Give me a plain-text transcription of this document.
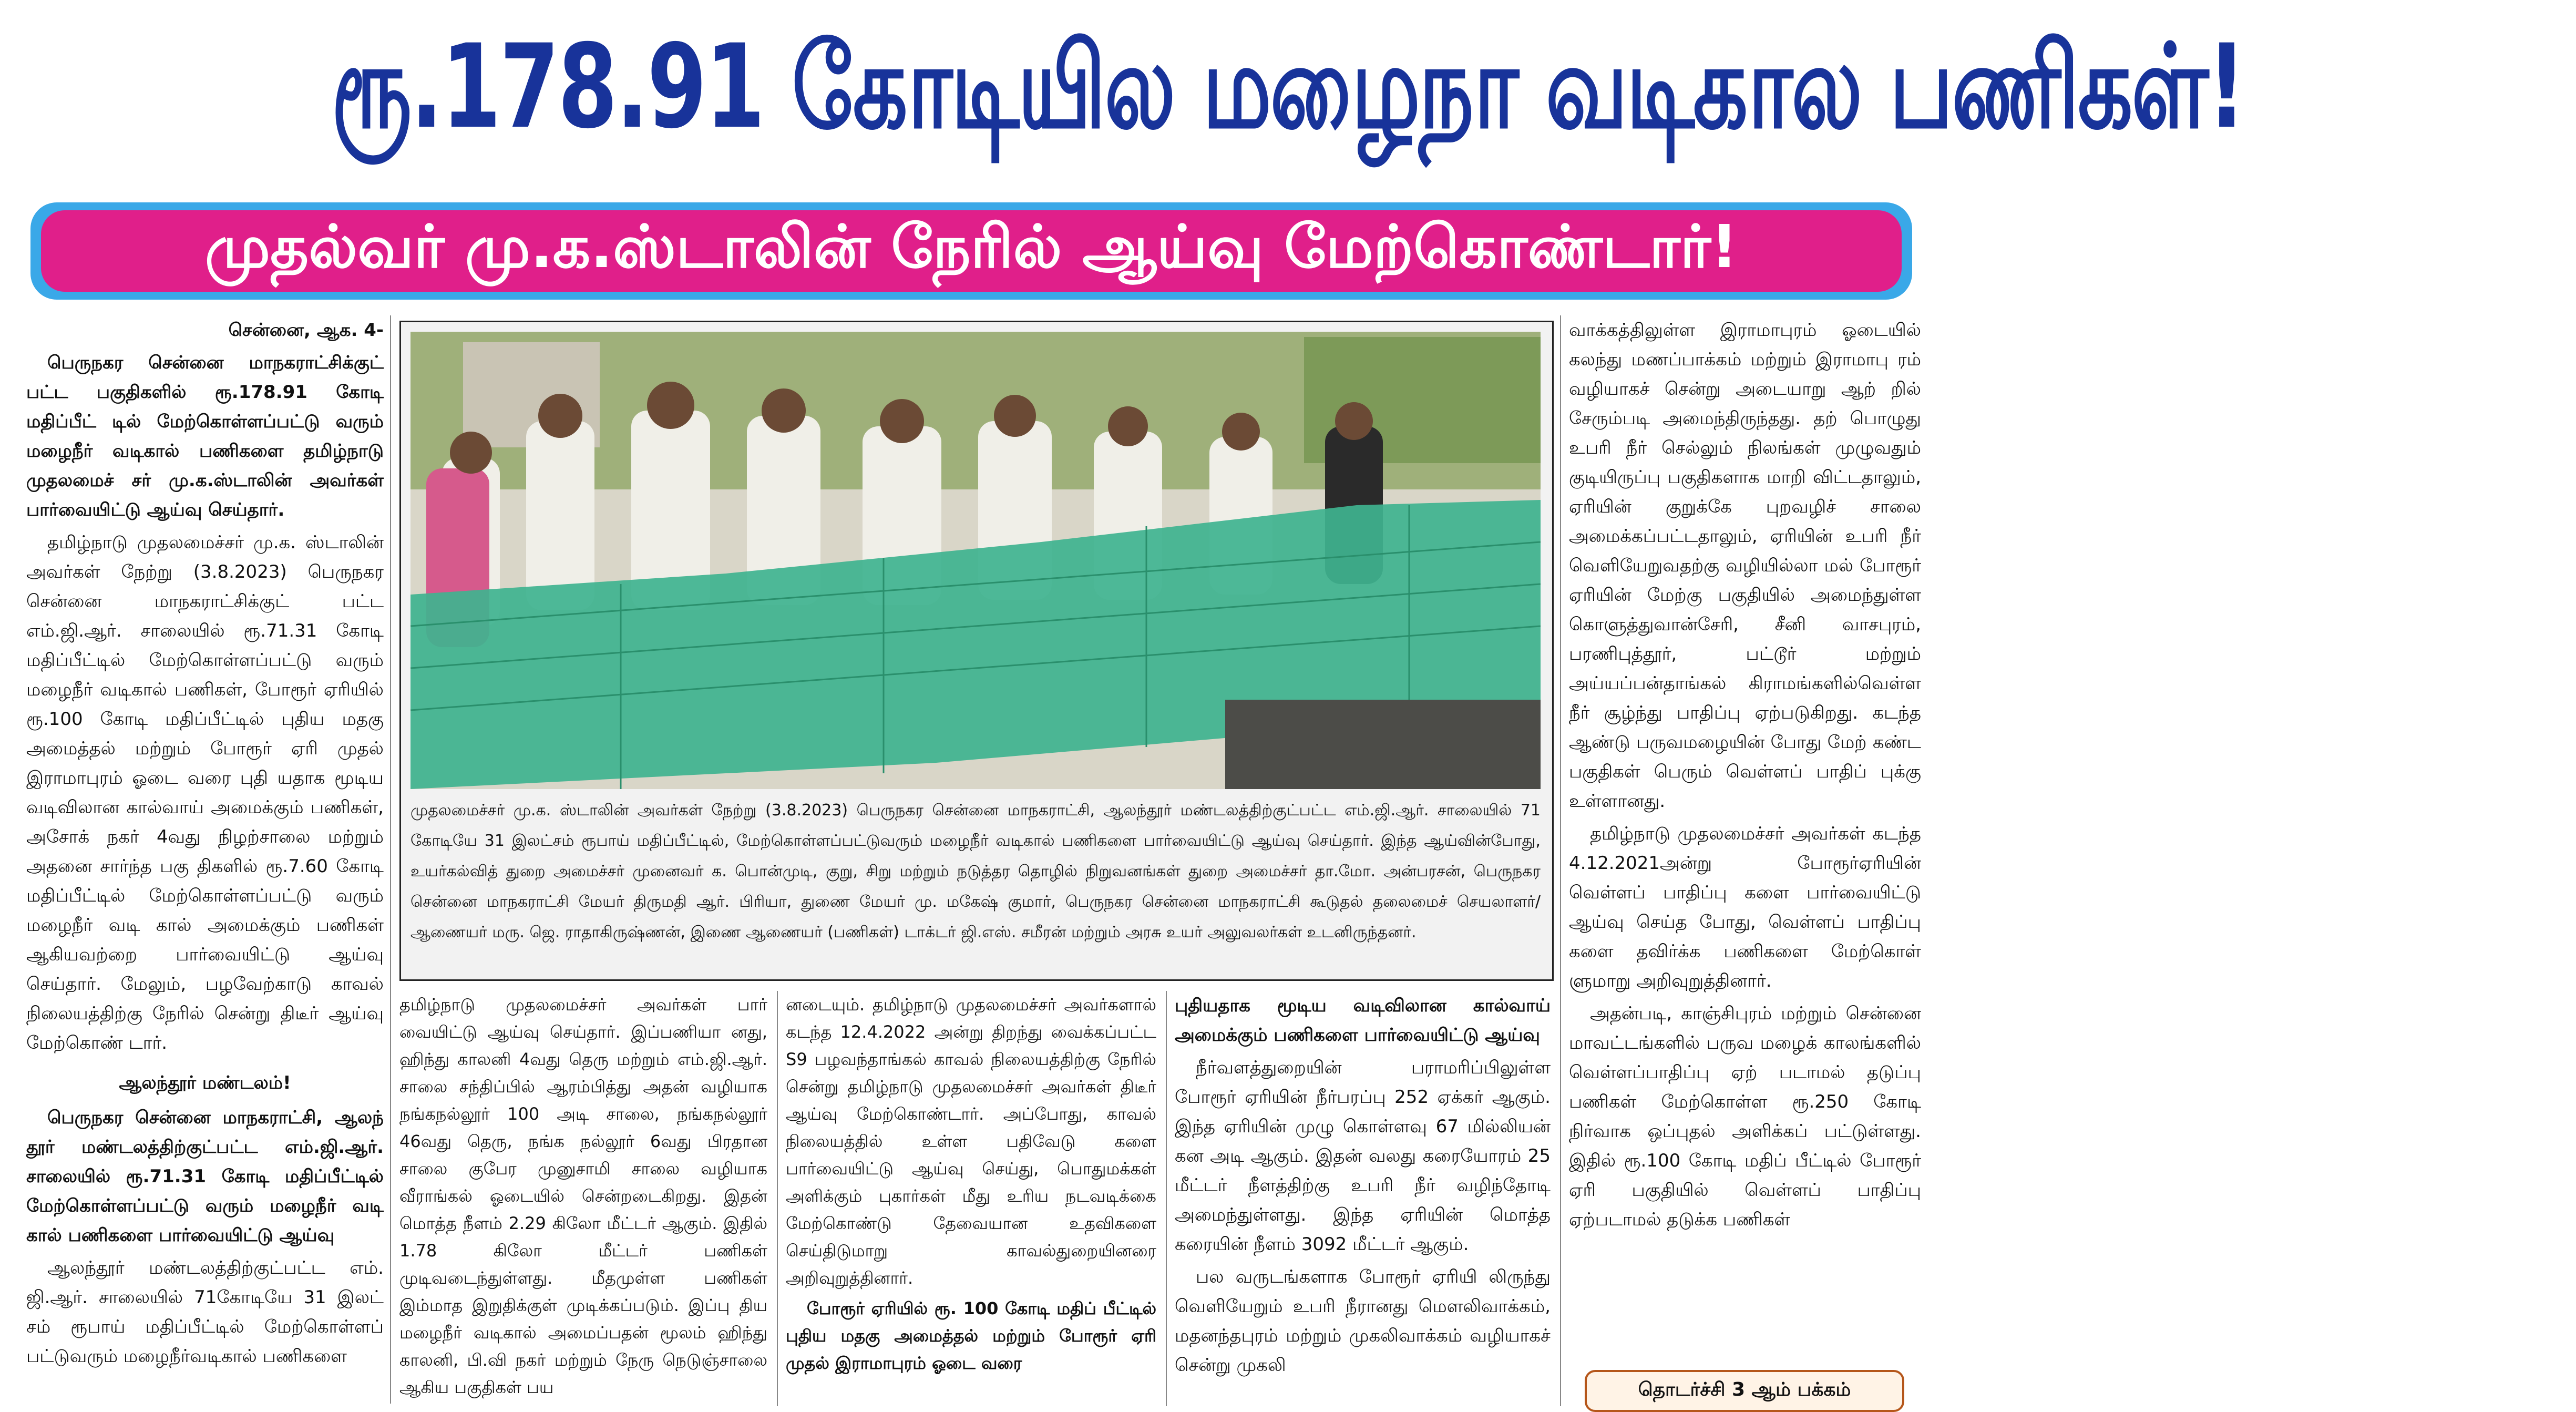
ரூ.178.91 கோடியில மழைநா வடிகால பணிகள்!
முதல்வர் மு.க.ஸ்டாலின் நேரில் ஆய்வு மேற்கொண்டார்!

சென்னை, ஆக. 4-

பெருநகர சென்னை மாநகராட்சிக்குட் பட்ட பகுதிகளில் ரூ.178.91 கோடி மதிப்பீட் டில் மேற்கொள்ளப்பட்டு வரும் மழைநீர் வடிகால் பணிகளை தமிழ்நாடு முதலமைச் சர் மு.க.ஸ்டாலின் அவர்கள் பார்வையிட்டு ஆய்வு செய்தார்.

தமிழ்நாடு முதலமைச்சர் மு.க. ஸ்டாலின் அவர்கள் நேற்று (3.8.2023) பெருநகர சென்னை மாநகராட்சிக்குட் பட்ட எம்.ஜி.ஆர். சாலையில் ரூ.71.31 கோடி மதிப்பீட்டில் மேற்கொள்ளப்பட்டு வரும் மழைநீர் வடிகால் பணிகள், போரூர் ஏரியில் ரூ.100 கோடி மதிப்பீட்டில் புதிய மதகு அமைத்தல் மற்றும் போரூர் ஏரி முதல் இராமாபுரம் ஓடை வரை புதி யதாக மூடிய வடிவிலான கால்வாய் அமைக்கும் பணிகள், அசோக் நகர் 4வது நிழற்சாலை மற்றும் அதனை சார்ந்த பகு திகளில் ரூ.7.60 கோடி மதிப்பீட்டில் மேற்கொள்ளப்பட்டு வரும் மழைநீர் வடி கால் அமைக்கும் பணிகள் ஆகியவற்றை பார்வையிட்டு ஆய்வு செய்தார். மேலும், பழவேற்காடு காவல் நிலையத்திற்கு நேரில் சென்று திடீர் ஆய்வு மேற்கொண் டார்.

ஆலந்தூர் மண்டலம்!

பெருநகர சென்னை மாநகராட்சி, ஆலந் தூர் மண்டலத்திற்குட்பட்ட எம்.ஜி.ஆர். சாலையில் ரூ.71.31 கோடி மதிப்பீட்டில் மேற்கொள்ளப்பட்டு வரும் மழைநீர் வடி கால் பணிகளை பார்வையிட்டு ஆய்வு

ஆலந்தூர் மண்டலத்திற்குட்பட்ட எம். ஜி.ஆர். சாலையில் 71கோடியே 31 இலட் சம் ரூபாய் மதிப்பீட்டில் மேற்கொள்ளப் பட்டுவரும் மழைநீர்வடிகால் பணிகளை

முதலமைச்சர் மு.க. ஸ்டாலின் அவர்கள் நேற்று (3.8.2023) பெருநகர சென்னை மாநகராட்சி, ஆலந்தூர் மண்டலத்திற்குட்பட்ட எம்.ஜி.ஆர். சாலையில் 71 கோடியே 31 இலட்சம் ரூபாய் மதிப்பீட்டில், மேற்கொள்ளப்பட்டுவரும் மழைநீர் வடிகால் பணிகளை பார்வையிட்டு ஆய்வு செய்தார். இந்த ஆய்வின்போது, உயர்கல்வித் துறை அமைச்சர் முனைவர் க. பொன்முடி, குறு, சிறு மற்றும் நடுத்தர தொழில் நிறுவனங்கள் துறை அமைச்சர் தா.மோ. அன்பரசன், பெருநகர சென்னை மாநகராட்சி மேயர் திருமதி ஆர். பிரியா, துணை மேயர் மு. மகேஷ் குமார், பெருநகர சென்னை மாநகராட்சி கூடுதல் தலைமைச் செயலாளர்/ ஆணையர் மரு. ஜெ. ராதாகிருஷ்ணன், இணை ஆணையர் (பணிகள்) டாக்டர் ஜி.எஸ். சமீரன் மற்றும் அரசு உயர் அலுவலர்கள் உடனிருந்தனர்.

தமிழ்நாடு முதலமைச்சர் அவர்கள் பார் வையிட்டு ஆய்வு செய்தார். இப்பணியா னது, ஹிந்து காலனி 4வது தெரு மற்றும் எம்.ஜி.ஆர். சாலை சந்திப்பில் ஆரம்பித்து அதன் வழியாக நங்கநல்லூர் 100 அடி சாலை, நங்கநல்லூர் 46வது தெரு, நங்க நல்லூர் 6வது பிரதான சாலை குபேர முனுசாமி சாலை வழியாக வீராங்கல் ஓடையில் சென்றடைகிறது. இதன் மொத்த நீளம் 2.29 கிலோ மீட்டர் ஆகும். இதில் 1.78 கிலோ மீட்டர் பணிகள் முடிவடைந்துள்ளது. மீதமுள்ள பணிகள் இம்மாத இறுதிக்குள் முடிக்கப்படும். இப்பு திய மழைநீர் வடிகால் அமைப்பதன் மூலம் ஹிந்து காலனி, பி.வி நகர் மற்றும் நேரு நெடுஞ்சாலை ஆகிய பகுதிகள் பய

னடையும். தமிழ்நாடு முதலமைச்சர் அவர்களால் கடந்த 12.4.2022 அன்று திறந்து வைக்கப்பட்ட S9 பழவந்தாங்கல் காவல் நிலையத்திற்கு நேரில் சென்று தமிழ்நாடு முதலமைச்சர் அவர்கள் திடீர் ஆய்வு மேற்கொண்டார். அப்போது, காவல் நிலையத்தில் உள்ள பதிவேடு களை பார்வையிட்டு ஆய்வு செய்து, பொதுமக்கள் அளிக்கும் புகார்கள் மீது உரிய நடவடிக்கை மேற்கொண்டு தேவையான உதவிகளை செய்திடுமாறு காவல்துறையினரை அறிவுறுத்தினார்.

போரூர் ஏரியில் ரூ. 100 கோடி மதிப் பீட்டில் புதிய மதகு அமைத்தல் மற்றும் போரூர் ஏரி முதல் இராமாபுரம் ஓடை வரை

புதியதாக மூடிய வடிவிலான கால்வாய் அமைக்கும் பணிகளை பார்வையிட்டு ஆய்வு

நீர்வளத்துறையின் பராமரிப்பிலுள்ள போரூர் ஏரியின் நீர்பரப்பு 252 ஏக்கர் ஆகும். இந்த ஏரியின் முழு கொள்ளவு 67 மில்லியன் கன அடி ஆகும். இதன் வலது கரையோரம் 25 மீட்டர் நீளத்திற்கு உபரி நீர் வழிந்தோடி அமைந்துள்ளது. இந்த ஏரியின் மொத்த கரையின் நீளம் 3092 மீட்டர் ஆகும்.

பல வருடங்களாக போரூர் ஏரியி லிருந்து வெளியேறும் உபரி நீரானது மௌலிவாக்கம், மதனந்தபுரம் மற்றும் முகலிவாக்கம் வழியாகச் சென்று முகலி

வாக்கத்திலுள்ள இராமாபுரம் ஓடையில் கலந்து மணப்பாக்கம் மற்றும் இராமாபு ரம் வழியாகச் சென்று அடையாறு ஆற் றில் சேரும்படி அமைந்திருந்தது. தற் பொழுது உபரி நீர் செல்லும் நிலங்கள் முழுவதும் குடியிருப்பு பகுதிகளாக மாறி விட்டதாலும், ஏரியின் குறுக்கே புறவழிச் சாலை அமைக்கப்பட்டதாலும், ஏரியின் உபரி நீர் வெளியேறுவதற்கு வழியில்லா மல் போரூர் ஏரியின் மேற்கு பகுதியில் அமைந்துள்ள கொளுத்துவான்சேரி, சீனி வாசபுரம், பரணிபுத்தூர், பட்டூர் மற்றும் அய்யப்பன்தாங்கல் கிராமங்களில்வெள்ள நீர் சூழ்ந்து பாதிப்பு ஏற்படுகிறது. கடந்த ஆண்டு பருவமழையின் போது மேற் கண்ட பகுதிகள் பெரும் வெள்ளப் பாதிப் புக்கு உள்ளானது.

தமிழ்நாடு முதலமைச்சர் அவர்கள் கடந்த 4.12.2021அன்று போரூர்ஏரியின் வெள்ளப் பாதிப்பு களை பார்வையிட்டு ஆய்வு செய்த போது, வெள்ளப் பாதிப்பு களை தவிர்க்க பணிகளை மேற்கொள் ளுமாறு அறிவுறுத்தினார்.

அதன்படி, காஞ்சிபுரம் மற்றும் சென்னை மாவட்டங்களில் பருவ மழைக் காலங்களில் வெள்ளப்பாதிப்பு ஏற் படாமல் தடுப்பு பணிகள் மேற்கொள்ள ரூ.250 கோடி நிர்வாக ஒப்புதல் அளிக்கப் பட்டுள்ளது. இதில் ரூ.100 கோடி மதிப் பீட்டில் போரூர் ஏரி பகுதியில் வெள்ளப் பாதிப்பு ஏற்படாமல் தடுக்க பணிகள்

தொடர்ச்சி 3 ஆம் பக்கம்
